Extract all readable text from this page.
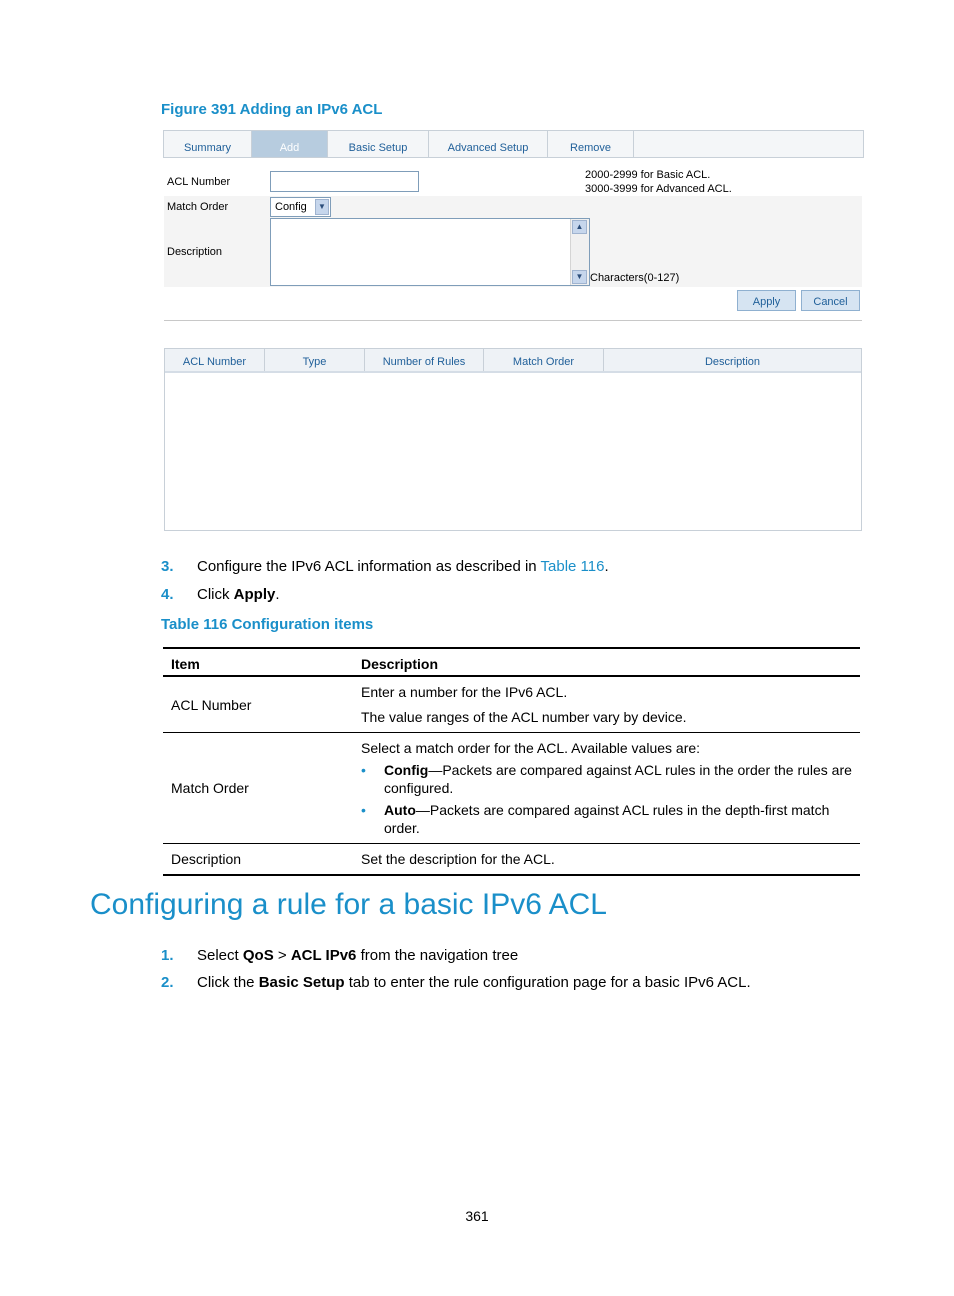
Figure 391 Adding an IPv6 ACL
Summary	Add	Basic Setup	Advanced Setup	Remove
ACL Number
2000-2999 for Basic ACL.
3000-3999 for Advanced ACL.
Match Order	Config	▼
Description
▲
▼ Characters(0-127)
Apply	Cancel
ACL Number	Type	Number of Rules	Match Order	Description
3. Configure the IPv6 ACL information as described in Table 116.
4. Click Apply.
Table 116 Configuration items
Item	Description
ACL Number	Enter a number for the IPv6 ACL.

The value ranges of the ACL number vary by device.

Match Order	Select a match order for the ACL. Available values are:

• Config—Packets are compared against ACL rules in the order the rules are configured.
• Auto—Packets are compared against ACL rules in the depth-first match order.

Description	Set the description for the ACL.

Configuring a rule for a basic IPv6 ACL
1. Select QoS > ACL IPv6 from the navigation tree
2. Click the Basic Setup tab to enter the rule configuration page for a basic IPv6 ACL.
361
